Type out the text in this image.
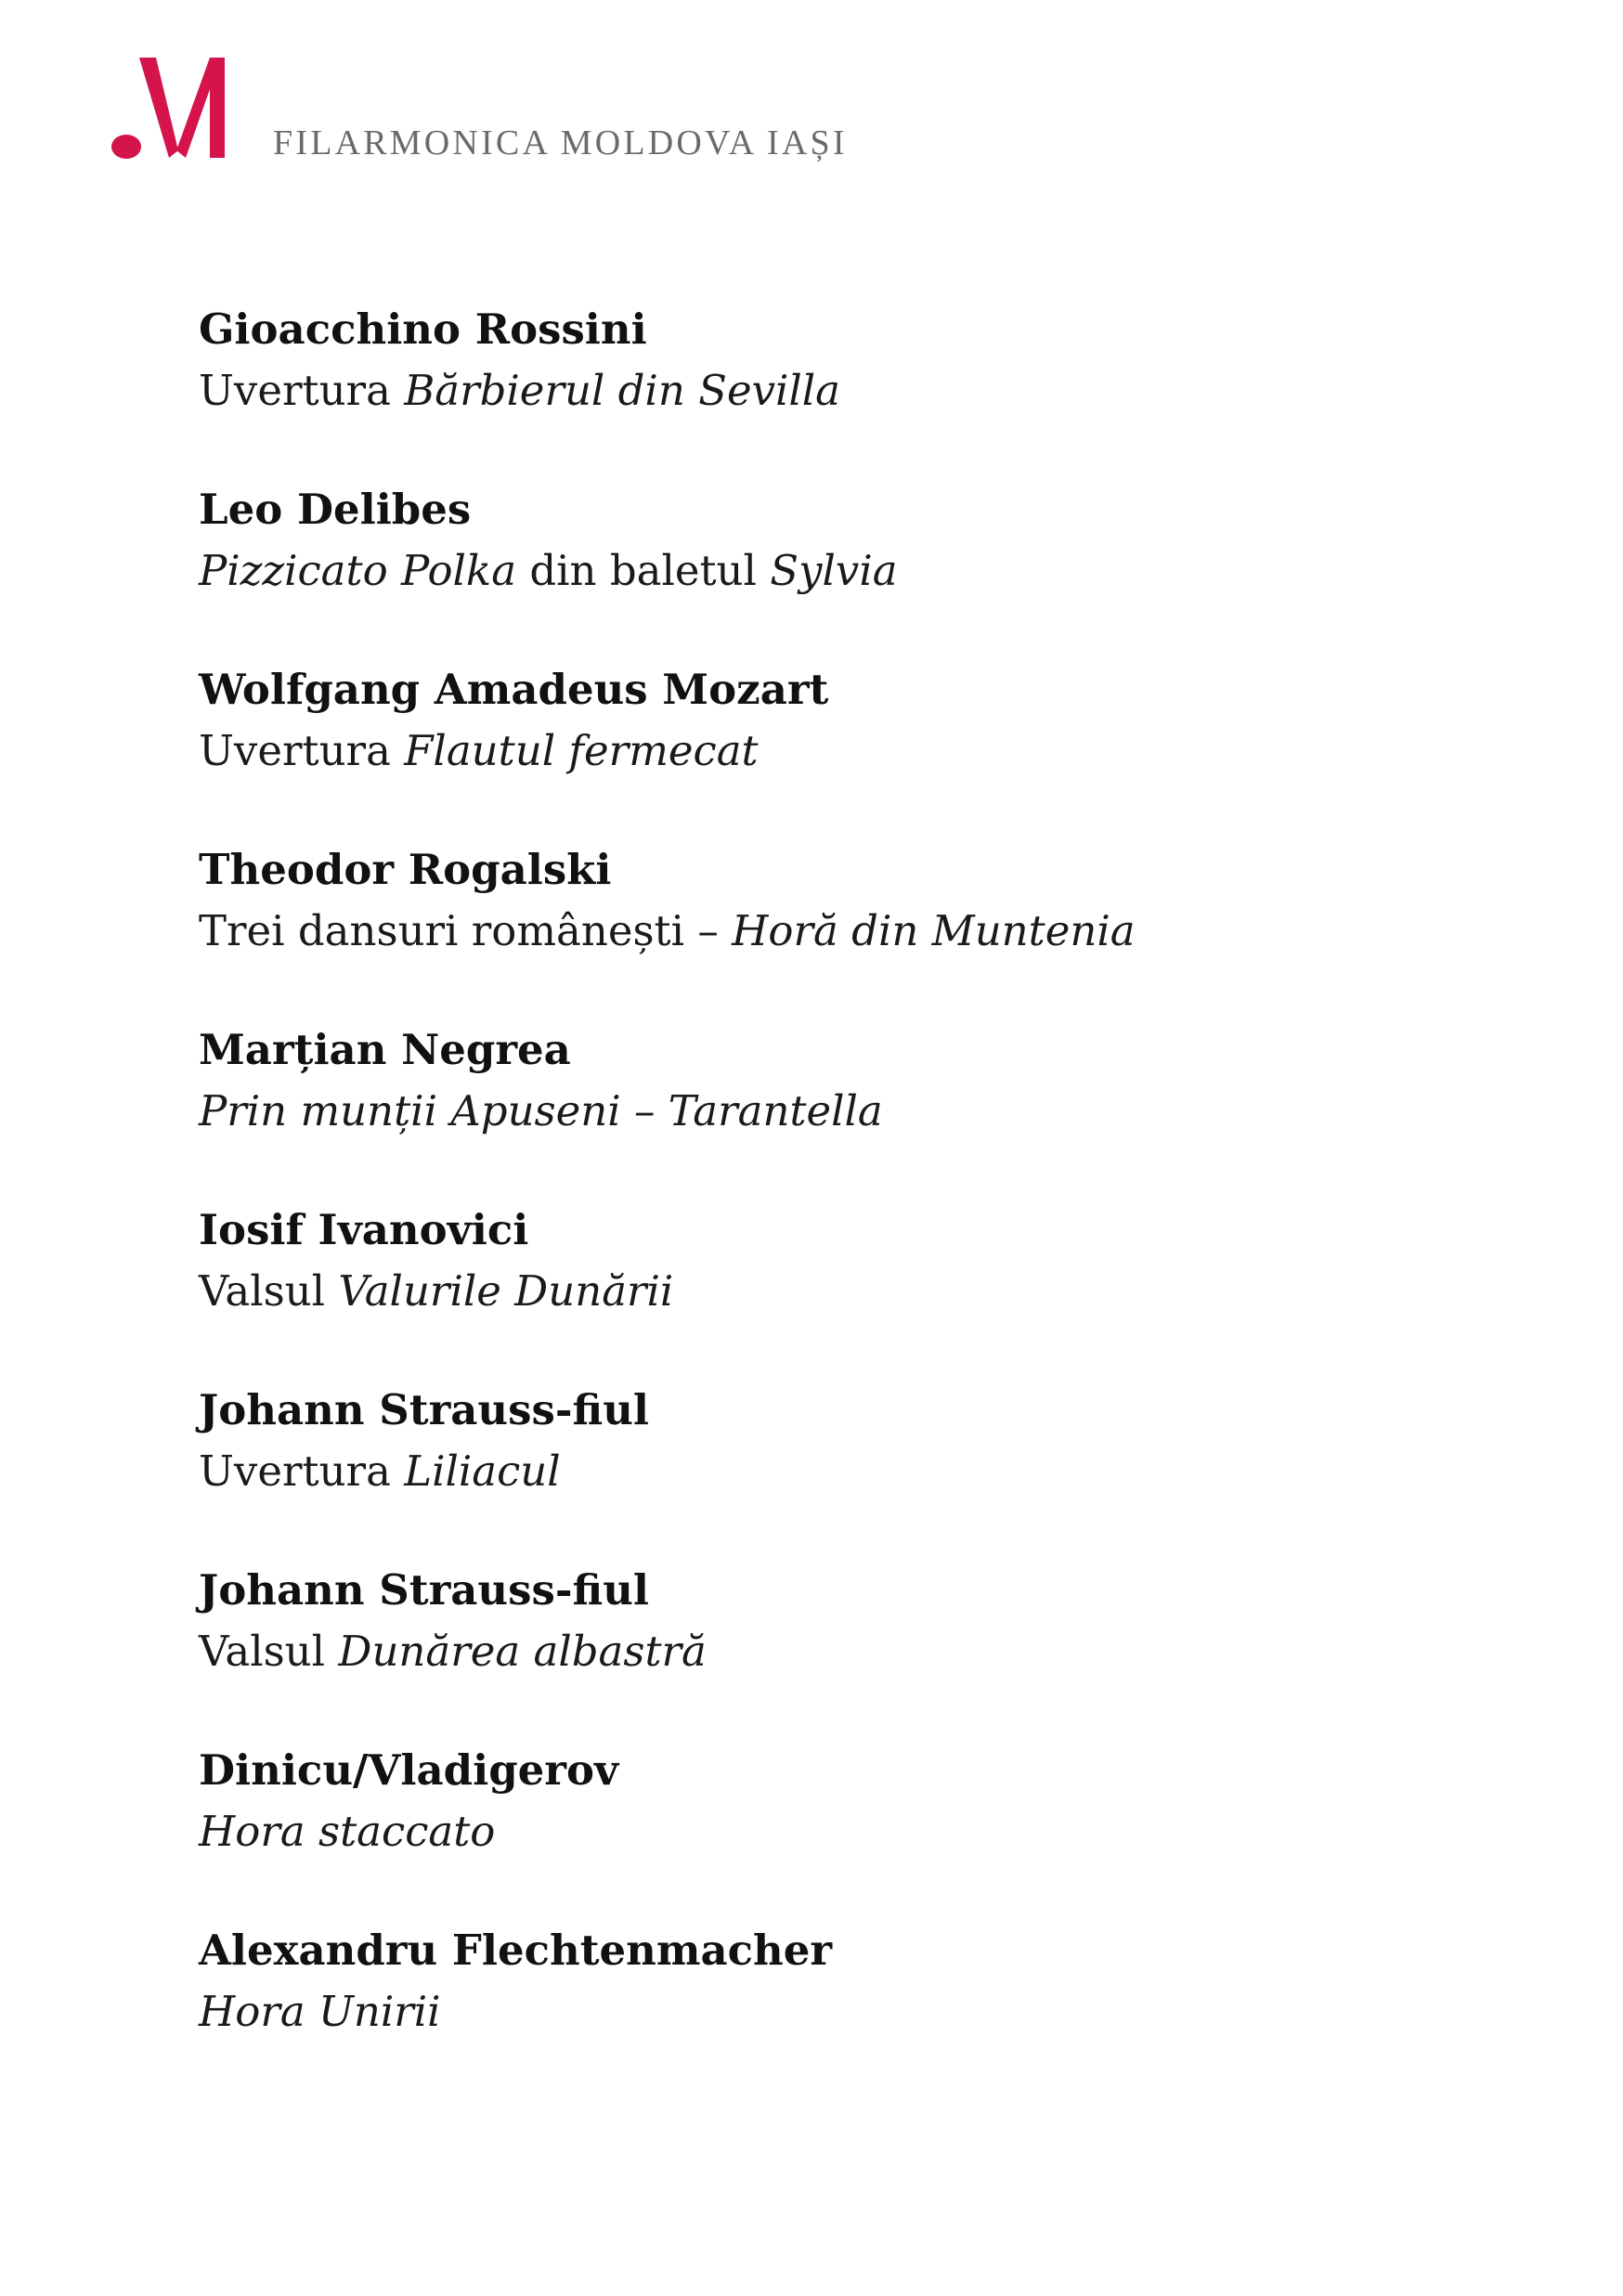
FILARMONICA MOLDOVA IAȘI
Gioacchino Rossini
Uvertura Bărbierul din Sevilla
Leo Delibes
Pizzicato Polka din baletul Sylvia
Wolfgang Amadeus Mozart
Uvertura Flautul fermecat
Theodor Rogalski
Trei dansuri românești – Horă din Muntenia
Marțian Negrea
Prin munții Apuseni – Tarantella
Iosif Ivanovici
Valsul Valurile Dunării
Johann Strauss-fiul
Uvertura Liliacul
Johann Strauss-fiul
Valsul Dunărea albastră
Dinicu/Vladigerov
Hora staccato
Alexandru Flechtenmacher
Hora Unirii
